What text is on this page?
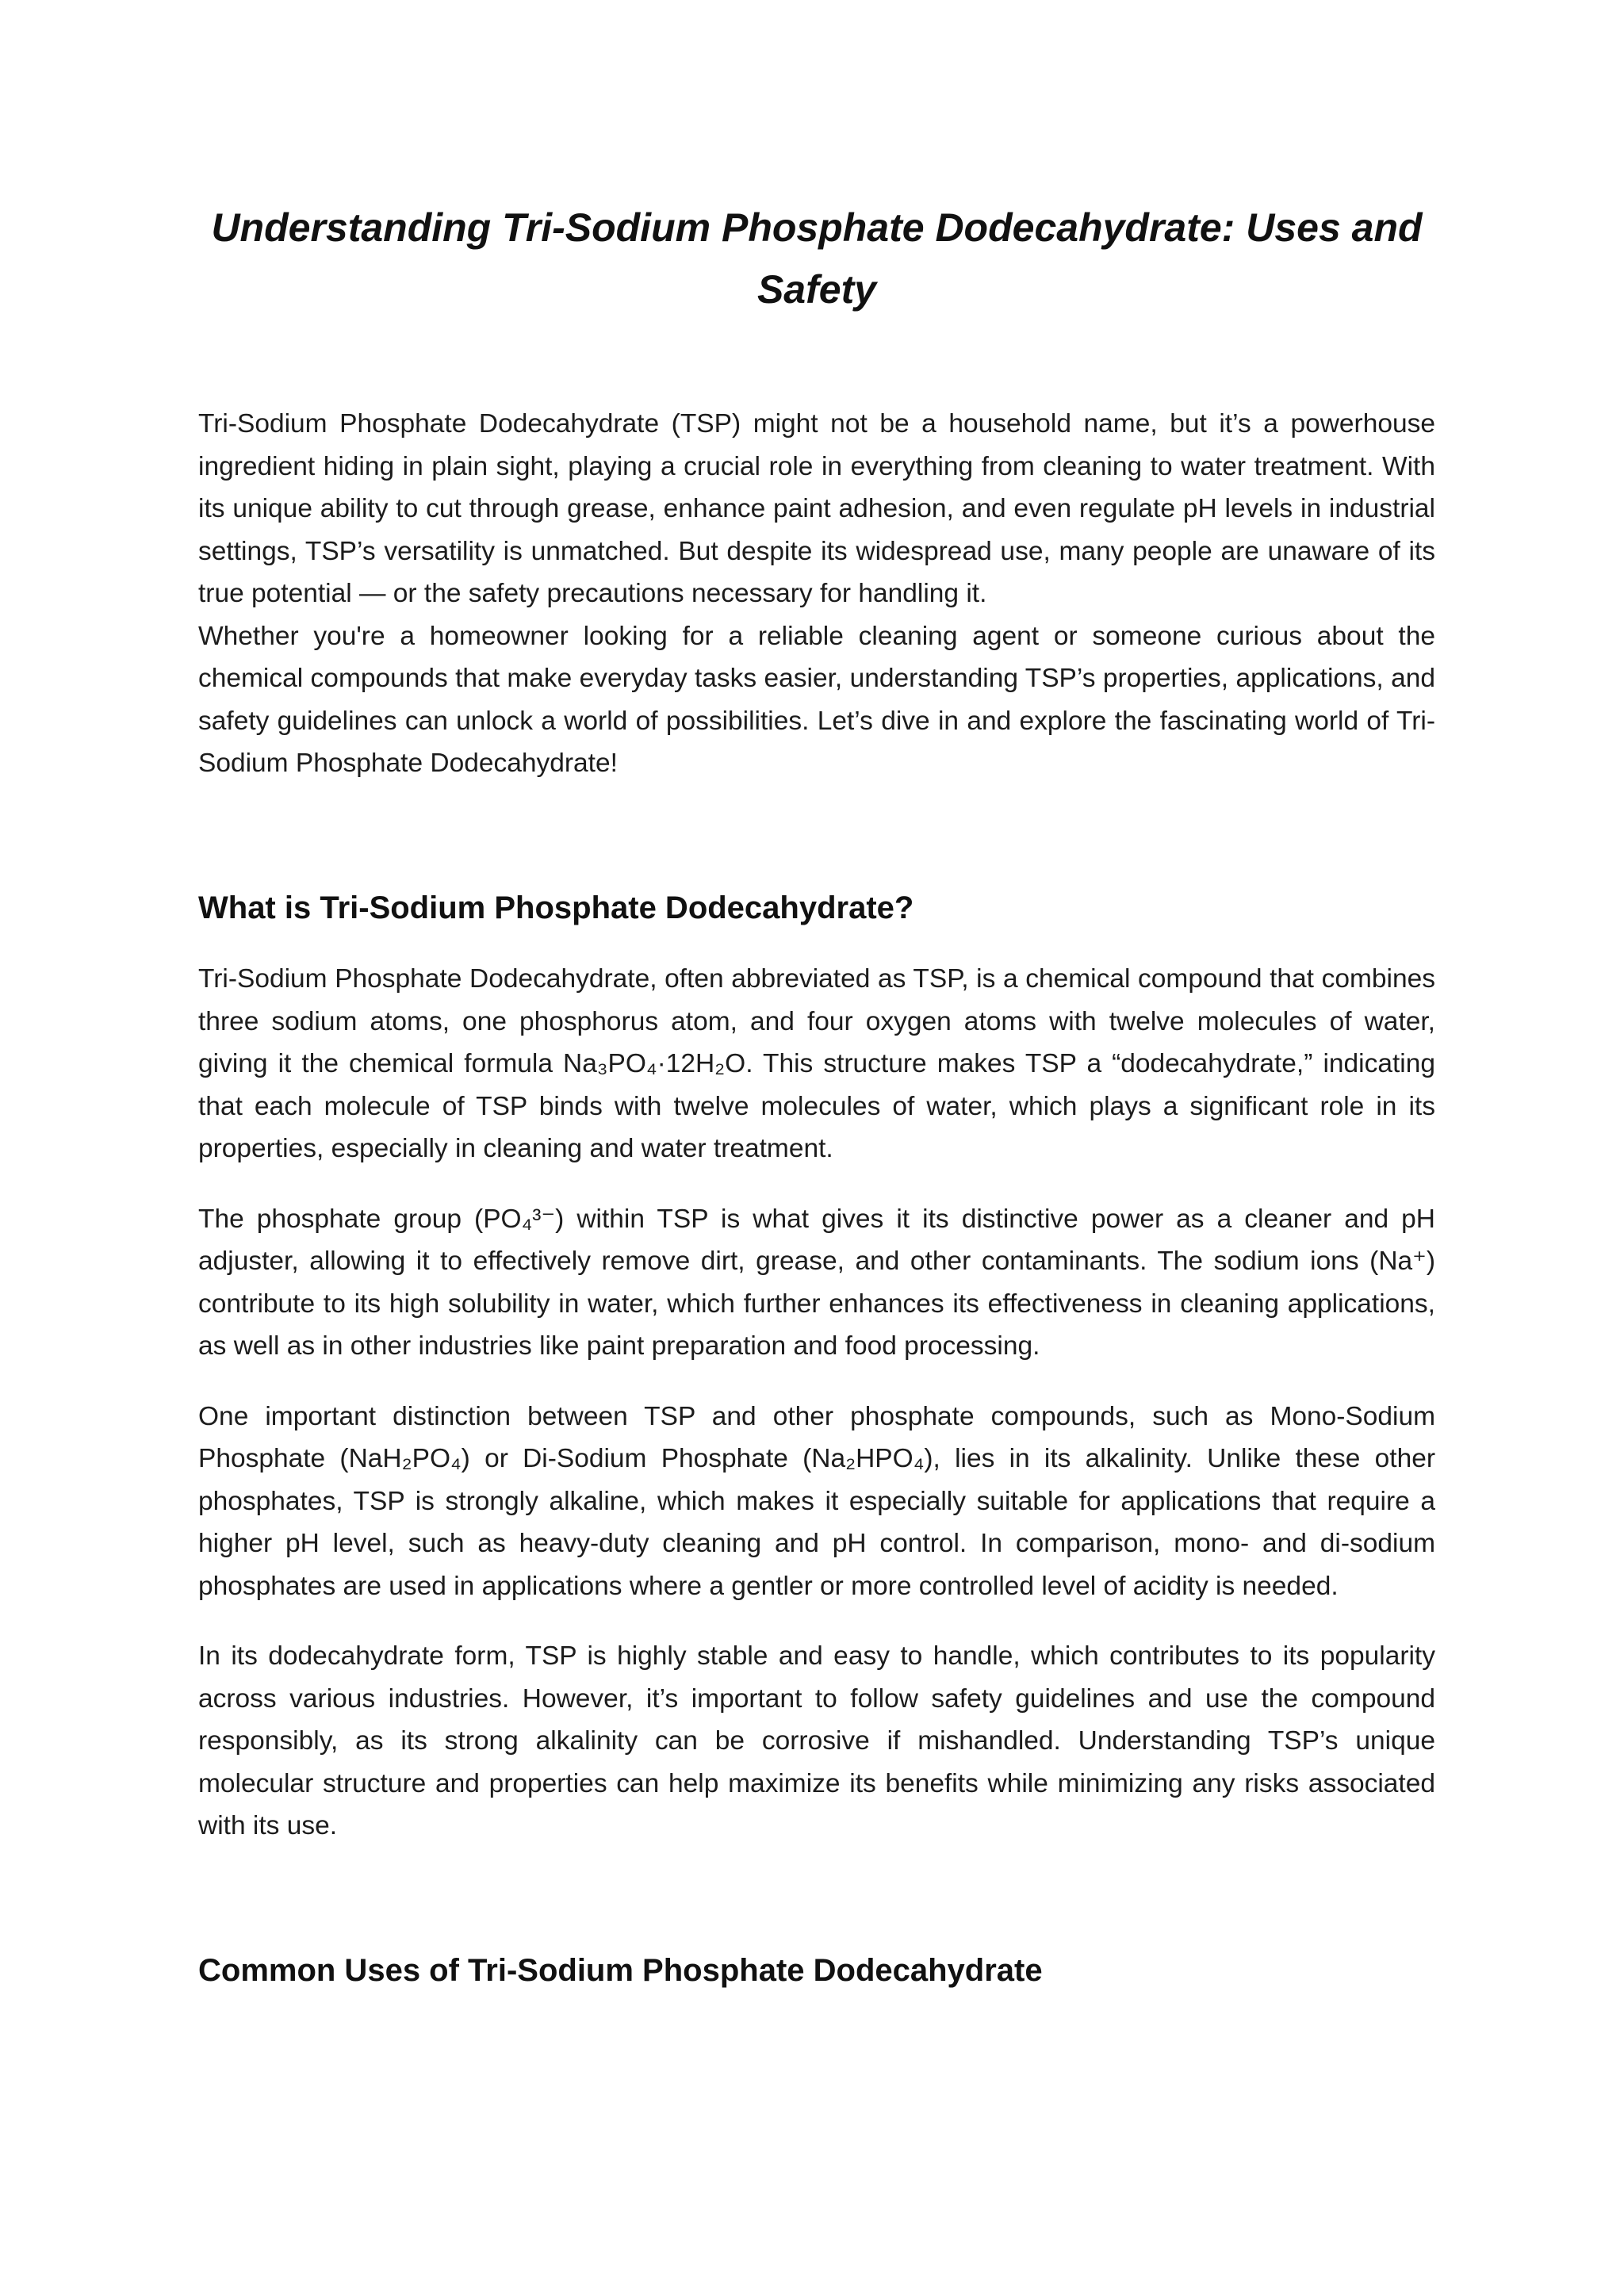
Understanding Tri-Sodium Phosphate Dodecahydrate: Uses and Safety

Tri-Sodium Phosphate Dodecahydrate (TSP) might not be a household name, but it’s a powerhouse ingredient hiding in plain sight, playing a crucial role in everything from cleaning to water treatment. With its unique ability to cut through grease, enhance paint adhesion, and even regulate pH levels in industrial settings, TSP’s versatility is unmatched. But despite its widespread use, many people are unaware of its true potential — or the safety precautions necessary for handling it.

Whether you're a homeowner looking for a reliable cleaning agent or someone curious about the chemical compounds that make everyday tasks easier, understanding TSP’s properties, applications, and safety guidelines can unlock a world of possibilities. Let’s dive in and explore the fascinating world of Tri-Sodium Phosphate Dodecahydrate!

What is Tri-Sodium Phosphate Dodecahydrate?

Tri-Sodium Phosphate Dodecahydrate, often abbreviated as TSP, is a chemical compound that combines three sodium atoms, one phosphorus atom, and four oxygen atoms with twelve molecules of water, giving it the chemical formula Na₃PO₄·12H₂O. This structure makes TSP a “dodecahydrate,” indicating that each molecule of TSP binds with twelve molecules of water, which plays a significant role in its properties, especially in cleaning and water treatment.

The phosphate group (PO₄³⁻) within TSP is what gives it its distinctive power as a cleaner and pH adjuster, allowing it to effectively remove dirt, grease, and other contaminants. The sodium ions (Na⁺) contribute to its high solubility in water, which further enhances its effectiveness in cleaning applications, as well as in other industries like paint preparation and food processing.

One important distinction between TSP and other phosphate compounds, such as Mono-Sodium Phosphate (NaH₂PO₄) or Di-Sodium Phosphate (Na₂HPO₄), lies in its alkalinity. Unlike these other phosphates, TSP is strongly alkaline, which makes it especially suitable for applications that require a higher pH level, such as heavy-duty cleaning and pH control. In comparison, mono- and di-sodium phosphates are used in applications where a gentler or more controlled level of acidity is needed.

In its dodecahydrate form, TSP is highly stable and easy to handle, which contributes to its popularity across various industries. However, it’s important to follow safety guidelines and use the compound responsibly, as its strong alkalinity can be corrosive if mishandled. Understanding TSP’s unique molecular structure and properties can help maximize its benefits while minimizing any risks associated with its use.

Common Uses of Tri-Sodium Phosphate Dodecahydrate
